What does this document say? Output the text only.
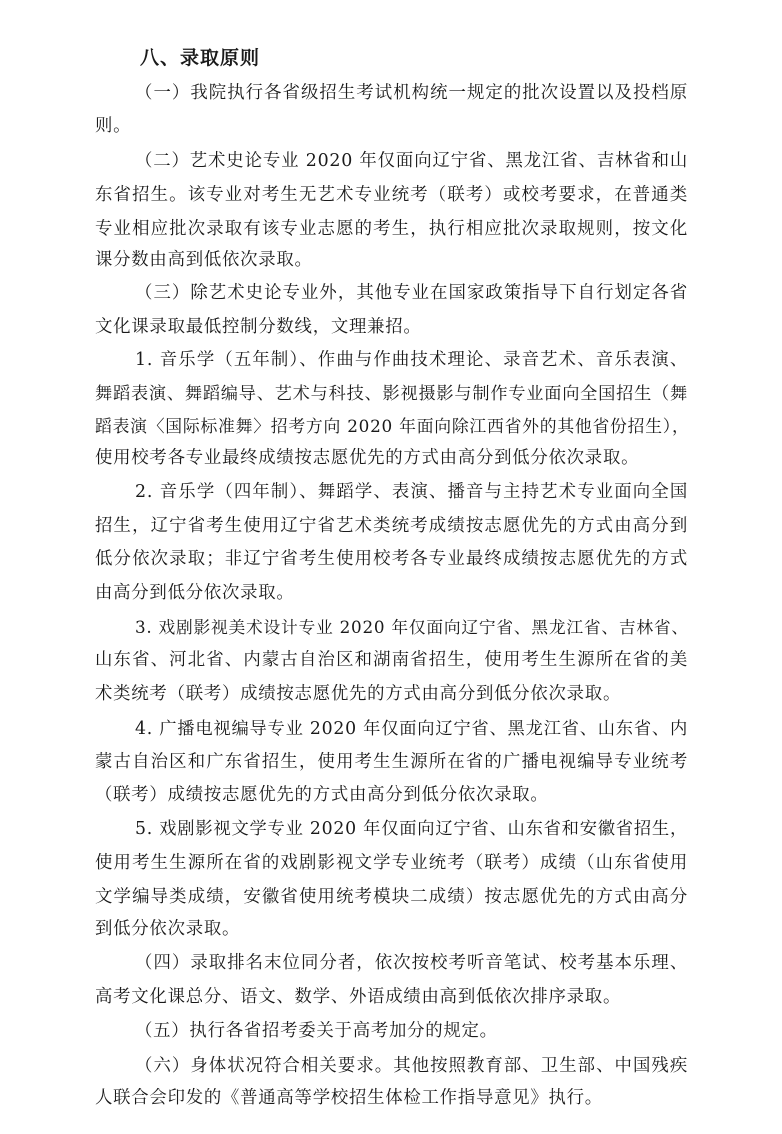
八、录取原则
（一）我院执行各省级招生考试机构统一规定的批次设置以及投档原
则。
（二）艺术史论专业 2020 年仅面向辽宁省、黑龙江省、吉林省和山
东省招生。该专业对考生无艺术专业统考（联考）或校考要求，在普通类
专业相应批次录取有该专业志愿的考生，执行相应批次录取规则，按文化
课分数由高到低依次录取。
（三）除艺术史论专业外，其他专业在国家政策指导下自行划定各省
文化课录取最低控制分数线，文理兼招。
1. 音乐学（五年制）、作曲与作曲技术理论、录音艺术、音乐表演、
舞蹈表演、舞蹈编导、艺术与科技、影视摄影与制作专业面向全国招生（舞
蹈表演〈国际标准舞〉招考方向 2020 年面向除江西省外的其他省份招生），
使用校考各专业最终成绩按志愿优先的方式由高分到低分依次录取。
2. 音乐学（四年制）、舞蹈学、表演、播音与主持艺术专业面向全国
招生，辽宁省考生使用辽宁省艺术类统考成绩按志愿优先的方式由高分到
低分依次录取；非辽宁省考生使用校考各专业最终成绩按志愿优先的方式
由高分到低分依次录取。
3. 戏剧影视美术设计专业 2020 年仅面向辽宁省、黑龙江省、吉林省、
山东省、河北省、内蒙古自治区和湖南省招生，使用考生生源所在省的美
术类统考（联考）成绩按志愿优先的方式由高分到低分依次录取。
4. 广播电视编导专业 2020 年仅面向辽宁省、黑龙江省、山东省、内
蒙古自治区和广东省招生，使用考生生源所在省的广播电视编导专业统考
（联考）成绩按志愿优先的方式由高分到低分依次录取。
5. 戏剧影视文学专业 2020 年仅面向辽宁省、山东省和安徽省招生，
使用考生生源所在省的戏剧影视文学专业统考（联考）成绩（山东省使用
文学编导类成绩，安徽省使用统考模块二成绩）按志愿优先的方式由高分
到低分依次录取。
（四）录取排名末位同分者，依次按校考听音笔试、校考基本乐理、
高考文化课总分、语文、数学、外语成绩由高到低依次排序录取。
（五）执行各省招考委关于高考加分的规定。
（六）身体状况符合相关要求。其他按照教育部、卫生部、中国残疾
人联合会印发的《普通高等学校招生体检工作指导意见》执行。
